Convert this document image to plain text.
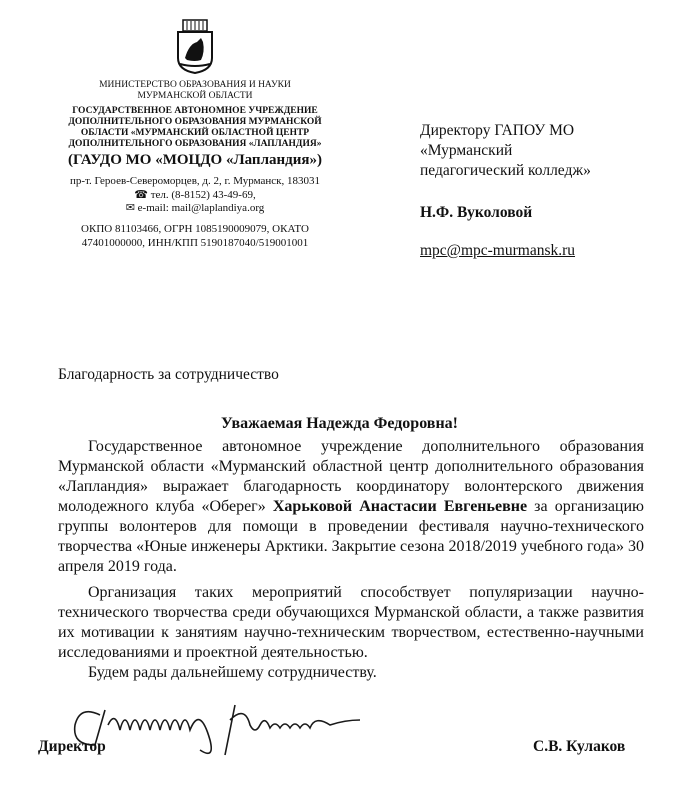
МИНИСТЕРСТВО ОБРАЗОВАНИЯ И НАУКИ
МУРМАНСКОЙ ОБЛАСТИ
ГОСУДАРСТВЕННОЕ АВТОНОМНОЕ УЧРЕЖДЕНИЕ
ДОПОЛНИТЕЛЬНОГО ОБРАЗОВАНИЯ МУРМАНСКОЙ
ОБЛАСТИ «МУРМАНСКИЙ ОБЛАСТНОЙ ЦЕНТР
ДОПОЛНИТЕЛЬНОГО ОБРАЗОВАНИЯ «ЛАПЛАНДИЯ»
(ГАУДО МО «МОЦДО «Лапландия»)
пр-т. Героев-Североморцев, д. 2, г. Мурманск, 183031
☎ тел. (8-8152) 43-49-69,
✉ e-mail: mail@laplandiya.org
ОКПО 81103466, ОГРН 1085190009079, ОКАТО
47401000000, ИНН/КПП 5190187040/519001001
Директору ГАПОУ МО
«Мурманский
педагогический колледж»
Н.Ф. Вуколовой
mpc@mpc-murmansk.ru
Благодарность за сотрудничество
Уважаемая Надежда Федоровна!

Государственное автономное учреждение дополнительного образования Мурманской области «Мурманский областной центр дополнительного образования «Лапландия» выражает благодарность координатору волонтерского движения молодежного клуба «Оберег» Харьковой Анастасии Евгеньевне за организацию группы волонтеров для помощи в проведении фестиваля научно-технического творчества «Юные инженеры Арктики. Закрытие сезона 2018/2019 учебного года» 30 апреля 2019 года.

Организация таких мероприятий способствует популяризации научно-технического творчества среди обучающихся Мурманской области, а также развития их мотивации к занятиям научно-техническим творчеством, естественно-научными исследованиями и проектной деятельностью.

Будем рады дальнейшему сотрудничеству.

Директор	С.В. Кулаков
